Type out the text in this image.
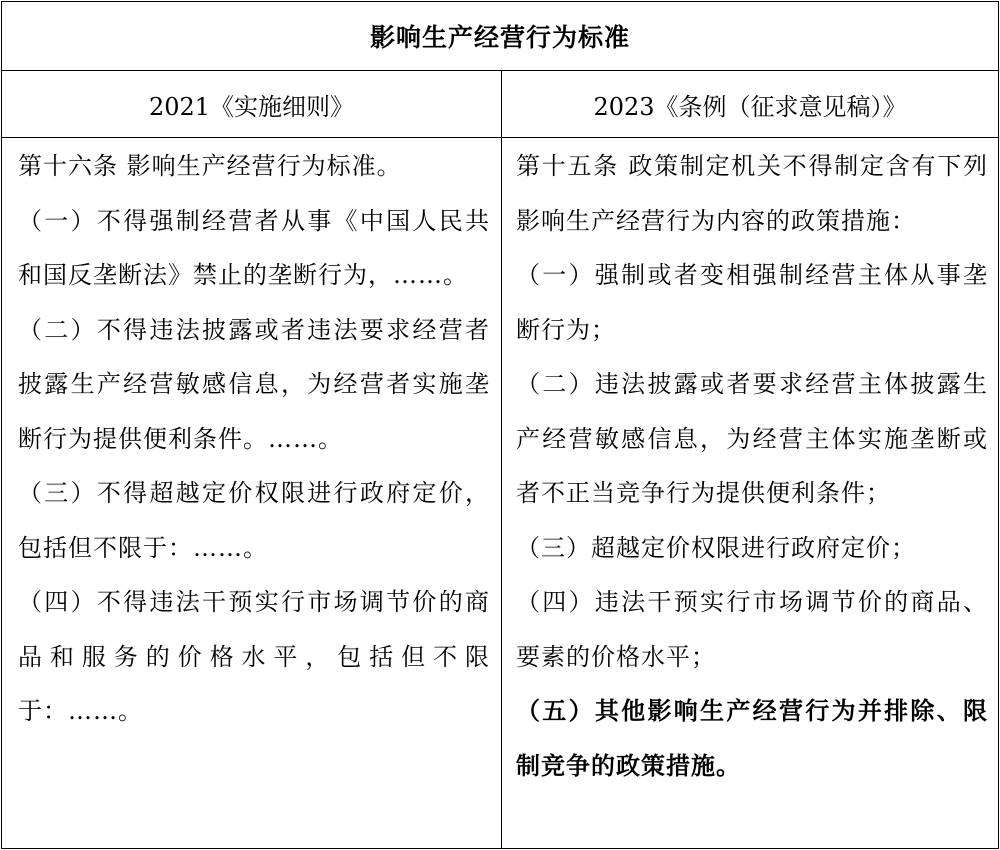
影响生产经营行为标准
2021《实施细则》	2023《条例（征求意见稿）》

第十六条 影响生产经营行为标准。

（一）不得强制经营者从事《中国人民共和国反垄断法》禁止的垄断行为，……。

（二）不得违法披露或者违法要求经营者披露生产经营敏感信息，为经营者实施垄断行为提供便利条件。……。

（三）不得超越定价权限进行政府定价，包括但不限于：……。

（四）不得违法干预实行市场调节价的商品和服务的价格水平，包括但不限于：……。

第十五条 政策制定机关不得制定含有下列影响生产经营行为内容的政策措施：

（一）强制或者变相强制经营主体从事垄断行为；

（二）违法披露或者要求经营主体披露生产经营敏感信息，为经营主体实施垄断或者不正当竞争行为提供便利条件；

（三）超越定价权限进行政府定价；

（四）违法干预实行市场调节价的商品、要素的价格水平；

（五）其他影响生产经营行为并排除、限制竞争的政策措施。
